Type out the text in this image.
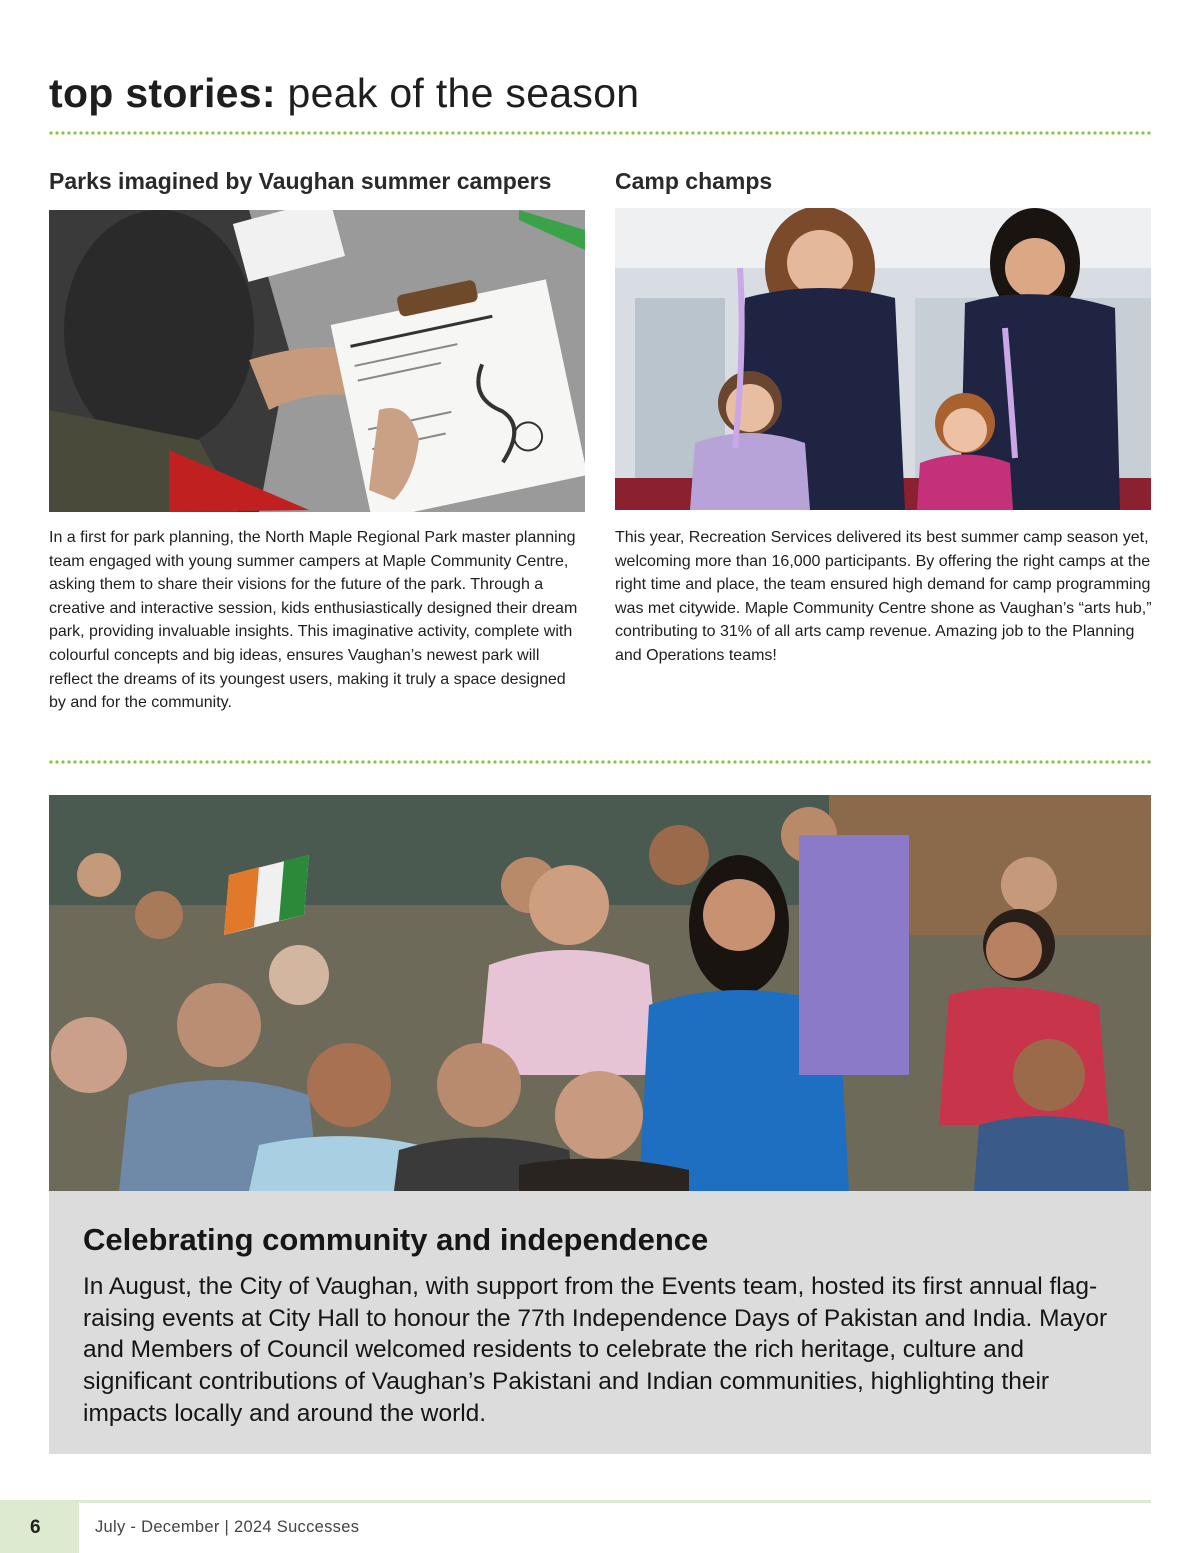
top stories: peak of the season
Parks imagined by Vaughan summer campers

In a first for park planning, the North Maple Regional Park master planning team engaged with young summer campers at Maple Community Centre, asking them to share their visions for the future of the park. Through a creative and interactive session, kids enthusiastically designed their dream park, providing invaluable insights. This imaginative activity, complete with colourful concepts and big ideas, ensures Vaughan’s newest park will reflect the dreams of its youngest users, making it truly a space designed by and for the community.

Camp champs

This year, Recreation Services delivered its best summer camp season yet, welcoming more than 16,000 participants. By offering the right camps at the right time and place, the team ensured high demand for camp programming was met citywide. Maple Community Centre shone as Vaughan’s “arts hub,” contributing to 31% of all arts camp revenue. Amazing job to the Planning and Operations teams!

Celebrating community and independence

In August, the City of Vaughan, with support from the Events team, hosted its first annual flag-raising events at City Hall to honour the 77th Independence Days of Pakistan and India. Mayor and Members of Council welcomed residents to celebrate the rich heritage, culture and significant contributions of Vaughan’s Pakistani and Indian communities, highlighting their impacts locally and around the world.

6	July - December | 2024 Successes
